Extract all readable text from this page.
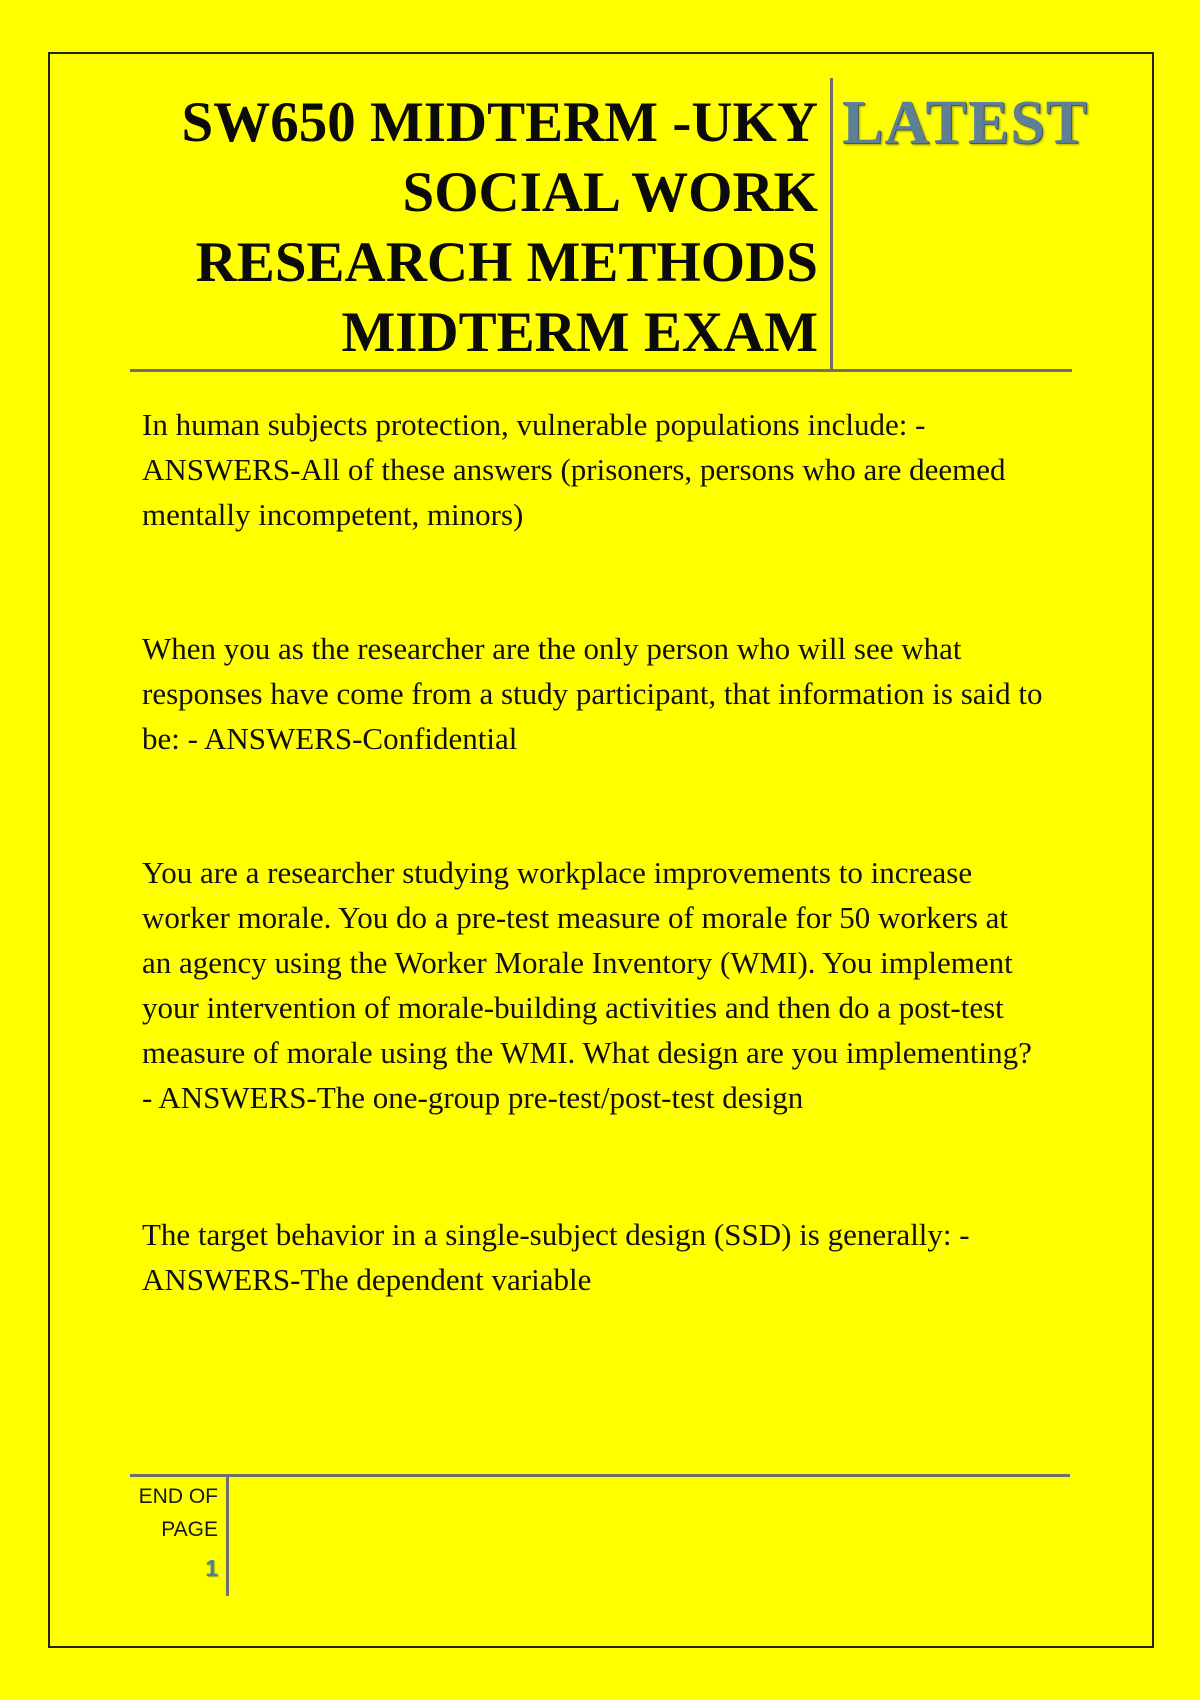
SW650 MIDTERM -UKY
SOCIAL WORK
RESEARCH METHODS
MIDTERM EXAM
LATEST
In human subjects protection, vulnerable populations include: -
ANSWERS-All of these answers (prisoners, persons who are deemed
mentally incompetent, minors)
When you as the researcher are the only person who will see what
responses have come from a study participant, that information is said to
be: - ANSWERS-Confidential
You are a researcher studying workplace improvements to increase
worker morale. You do a pre-test measure of morale for 50 workers at
an agency using the Worker Morale Inventory (WMI). You implement
your intervention of morale-building activities and then do a post-test
measure of morale using the WMI. What design are you implementing?
- ANSWERS-The one-group pre-test/post-test design
The target behavior in a single-subject design (SSD) is generally: -
ANSWERS-The dependent variable
END OF
PAGE
1
